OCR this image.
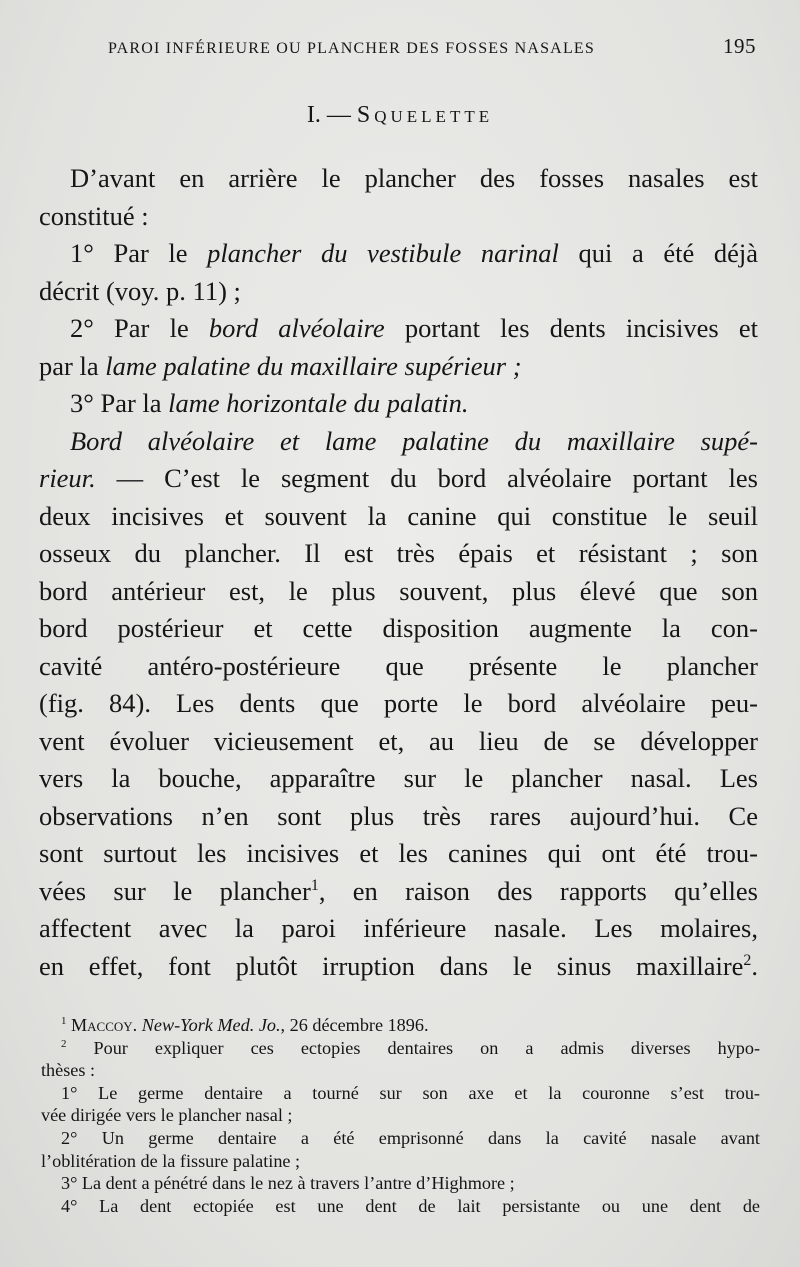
PAROI INFÉRIEURE OU PLANCHER DES FOSSES NASALES	195
I. — Squelette
D’avant en arrière le plancher des fosses nasales est
constitué :
1° Par le plancher du vestibule narinal qui a été déjà
décrit (voy. p. 11) ;
2° Par le bord alvéolaire portant les dents incisives et
par la lame palatine du maxillaire supérieur ;
3° Par la lame horizontale du palatin.
Bord alvéolaire et lame palatine du maxillaire supé-
rieur. — C’est le segment du bord alvéolaire portant les
deux incisives et souvent la canine qui constitue le seuil
osseux du plancher. Il est très épais et résistant ; son
bord antérieur est, le plus souvent, plus élevé que son
bord postérieur et cette disposition augmente la con-
cavité antéro-postérieure que présente le plancher
(fig. 84). Les dents que porte le bord alvéolaire peu-
vent évoluer vicieusement et, au lieu de se développer
vers la bouche, apparaître sur le plancher nasal. Les
observations n’en sont plus très rares aujourd’hui. Ce
sont surtout les incisives et les canines qui ont été trou-
vées sur le plancher$^1$, en raison des rapports qu’elles
affectent avec la paroi inférieure nasale. Les molaires,
en effet, font plutôt irruption dans le sinus maxillaire$^2$.
$^1$ Maccoy. New-York Med. Jo., 26 décembre 1896.
$^2$ Pour expliquer ces ectopies dentaires on a admis diverses hypo-
thèses :
1° Le germe dentaire a tourné sur son axe et la couronne s’est trou-
vée dirigée vers le plancher nasal ;
2° Un germe dentaire a été emprisonné dans la cavité nasale avant
l’oblitération de la fissure palatine ;
3° La dent a pénétré dans le nez à travers l’antre d’Highmore ;
4° La dent ectopiée est une dent de lait persistante ou une dent de
